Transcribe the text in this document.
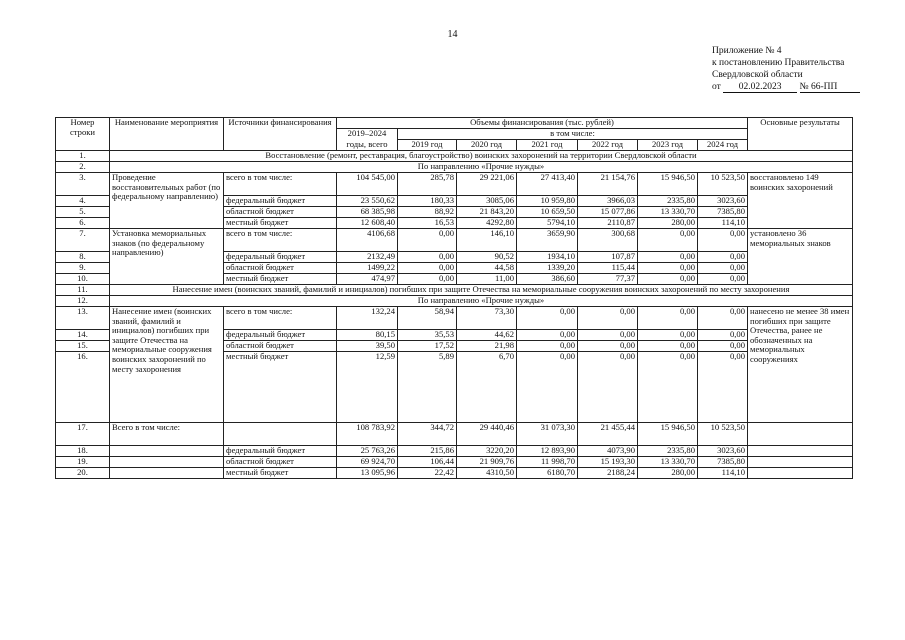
14
Приложение № 4
к постановлению Правительства
Свердловской области
от 02.02.2023 № 66-ПП
Номер строки	Наименование мероприятия	Источники финансирования	Объемы финансирования (тыс. рублей)							Основные результаты
			2019–2024	в том числе:						
			годы, всего	2019 год	2020 год	2021 год	2022 год	2023 год	2024 год	
1.	Восстановление (ремонт, реставрация, благоустройство) воинских захоронений на территории Свердловской области									
2.	По направлению «Прочие нужды»									
3.	Проведение восстановительных работ (по федеральному направлению)	всего в том числе:	104 545,00	285,78	29 221,06	27 413,40	21 154,76	15 946,50	10 523,50	восстановлено 149 воинских захоронений
4.		федеральный бюджет	23 550,62	180,33	3085,06	10 959,80	3966,03	2335,80	3023,60	
5.		областной бюджет	68 385,98	88,92	21 843,20	10 659,50	15 077,86	13 330,70	7385,80	
6.		местный бюджет	12 608,40	16,53	4292,80	5794,10	2110,87	280,00	114,10	
7.	Установка мемориальных знаков (по федеральному направлению)	всего в том числе:	4106,68	0,00	146,10	3659,90	300,68	0,00	0,00	установлено 36 мемориальных знаков
8.		федеральный бюджет	2132,49	0,00	90,52	1934,10	107,87	0,00	0,00	
9.		областной бюджет	1499,22	0,00	44,58	1339,20	115,44	0,00	0,00	
10.		местный бюджет	474,97	0,00	11,00	386,60	77,37	0,00	0,00	
11.	Нанесение имен (воинских званий, фамилий и инициалов) погибших при защите Отечества на мемориальные сооружения воинских захоронений по месту захоронения									
12.	По направлению «Прочие нужды»									
13.	Нанесение имен (воинских званий, фамилий и инициалов) погибших при защите Отечества на мемориальные сооружения воинских захоронений по месту захоронения	всего в том числе:	132,24	58,94	73,30	0,00	0,00	0,00	0,00	нанесено не менее 38 имен погибших при защите Отечества, ранее не обозначенных на мемориальных сооружениях
14.		федеральный бюджет	80,15	35,53	44,62	0,00	0,00	0,00	0,00	
15.		областной бюджет	39,50	17,52	21,98	0,00	0,00	0,00	0,00	
16.		местный бюджет	12,59	5,89	6,70	0,00	0,00	0,00	0,00	
17.	Всего в том числе:		108 783,92	344,72	29 440,46	31 073,30	21 455,44	15 946,50	10 523,50	
18.		федеральный бюджет	25 763,26	215,86	3220,20	12 893,90	4073,90	2335,80	3023,60	
19.		областной бюджет	69 924,70	106,44	21 909,76	11 998,70	15 193,30	13 330,70	7385,80	
20.		местный бюджет	13 095,96	22,42	4310,50	6180,70	2188,24	280,00	114,10	
